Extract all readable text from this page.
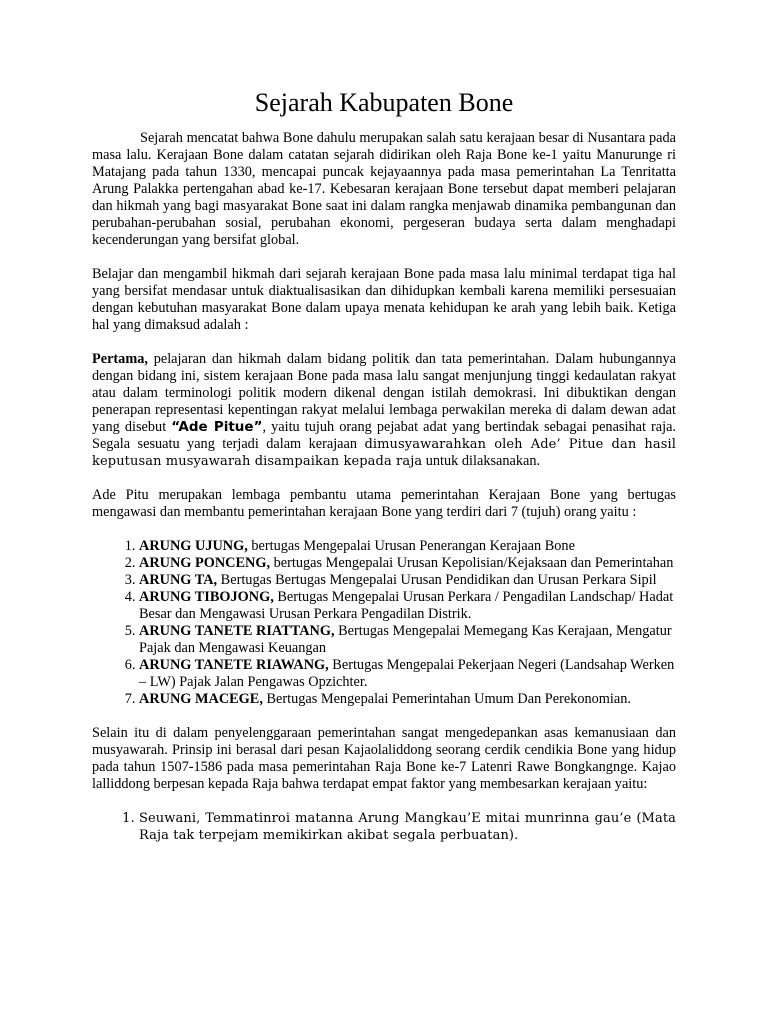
Sejarah Kabupaten Bone

Sejarah mencatat bahwa Bone dahulu merupakan salah satu kerajaan besar di Nusantara pada masa lalu. Kerajaan Bone dalam catatan sejarah didirikan oleh Raja Bone ke-1 yaitu Manurunge ri Matajang pada tahun 1330, mencapai puncak kejayaannya pada masa pemerintahan La Tenritatta Arung Palakka pertengahan abad ke-17. Kebesaran kerajaan Bone tersebut dapat memberi pelajaran dan hikmah yang bagi masyarakat Bone saat ini dalam rangka menjawab dinamika pembangunan dan perubahan-perubahan sosial, perubahan ekonomi, pergeseran budaya serta dalam menghadapi kecenderungan yang bersifat global.

Belajar dan mengambil hikmah dari sejarah kerajaan Bone pada masa lalu minimal terdapat tiga hal yang bersifat mendasar untuk diaktualisasikan dan dihidupkan kembali karena memiliki persesuaian dengan kebutuhan masyarakat Bone dalam upaya menata kehidupan ke arah yang lebih baik. Ketiga hal yang dimaksud adalah :

Pertama, pelajaran dan hikmah dalam bidang politik dan tata pemerintahan. Dalam hubungannya dengan bidang ini, sistem kerajaan Bone pada masa lalu sangat menjunjung tinggi kedaulatan rakyat atau dalam terminologi politik modern dikenal dengan istilah demokrasi. Ini dibuktikan dengan penerapan representasi kepentingan rakyat melalui lembaga perwakilan mereka di dalam dewan adat yang disebut “Ade Pitue”, yaitu tujuh orang pejabat adat yang bertindak sebagai penasihat raja. Segala sesuatu yang terjadi dalam kerajaan dimusyawarahkan oleh Ade’ Pitue dan hasil keputusan musyawarah disampaikan kepada raja untuk dilaksanakan.

Ade Pitu merupakan lembaga pembantu utama pemerintahan Kerajaan Bone yang bertugas mengawasi dan membantu pemerintahan kerajaan Bone yang terdiri dari 7 (tujuh) orang yaitu :

1. ARUNG UJUNG, bertugas Mengepalai Urusan Penerangan Kerajaan Bone
2. ARUNG PONCENG, bertugas Mengepalai Urusan Kepolisian/Kejaksaan dan Pemerintahan
3. ARUNG TA, Bertugas Bertugas Mengepalai Urusan Pendidikan dan Urusan Perkara Sipil
4. ARUNG TIBOJONG, Bertugas Mengepalai Urusan Perkara / Pengadilan Landschap/ Hadat Besar dan Mengawasi Urusan Perkara Pengadilan Distrik.
5. ARUNG TANETE RIATTANG, Bertugas Mengepalai Memegang Kas Kerajaan, Mengatur Pajak dan Mengawasi Keuangan
6. ARUNG TANETE RIAWANG, Bertugas Mengepalai Pekerjaan Negeri (Landsahap Werken – LW) Pajak Jalan Pengawas Opzichter.
7. ARUNG MACEGE, Bertugas Mengepalai Pemerintahan Umum Dan Perekonomian.

Selain itu di dalam penyelenggaraan pemerintahan sangat mengedepankan asas kemanusiaan dan musyawarah. Prinsip ini berasal dari pesan Kajaolaliddong seorang cerdik cendikia Bone yang hidup pada tahun 1507-1586 pada masa pemerintahan Raja Bone ke-7 Latenri Rawe Bongkangnge. Kajao lalliddong berpesan kepada Raja bahwa terdapat empat faktor yang membesarkan kerajaan yaitu:

1. Seuwani, Temmatinroi matanna Arung Mangkau’E mitai munrinna gau’e (Mata Raja tak terpejam memikirkan akibat segala perbuatan).
